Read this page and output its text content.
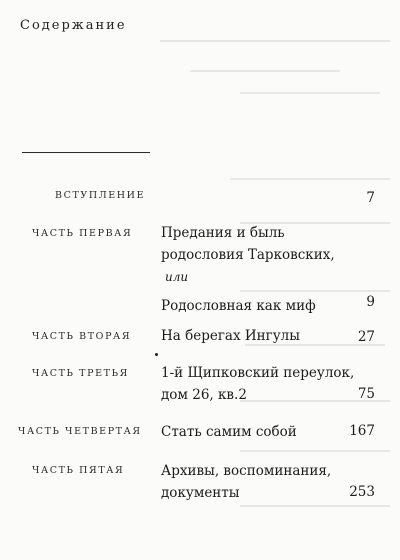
Содержание
ВСТУПЛЕНИЕ	7
ЧАСТЬ ПЕРВАЯ Предания и быль
родословия Тарковских,
или
Родословная как миф	9
ЧАСТЬ ВТОРАЯ На берегах Ингулы	27
ЧАСТЬ ТРЕТЬЯ 1-й Щипковский переулок,
дом 26, кв.2	75
ЧАСТЬ ЧЕТВЕРТАЯ Стать самим собой	167
ЧАСТЬ ПЯТАЯ	Архивы, воспоминания,
документы	253
